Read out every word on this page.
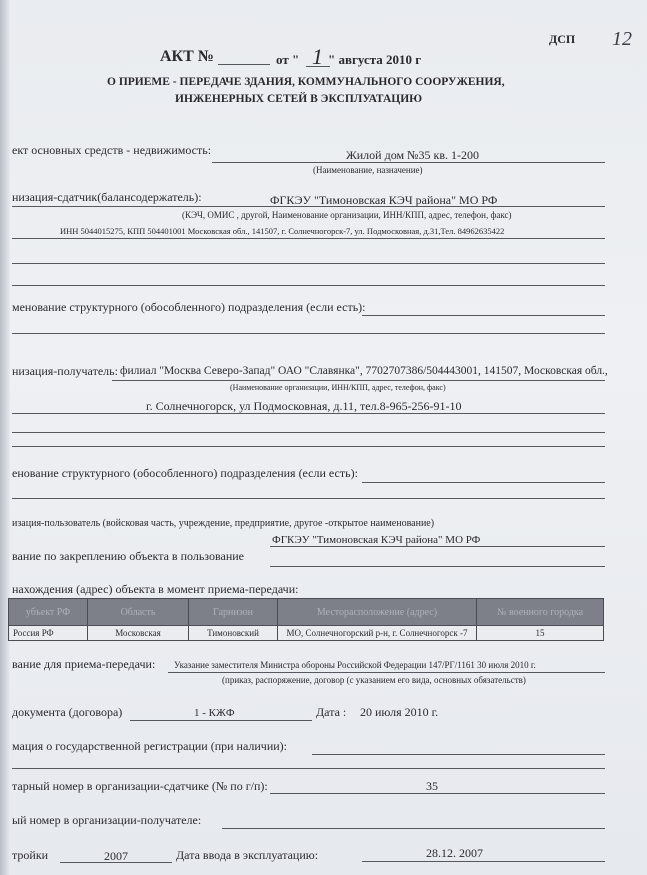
ДСП 12
АКТ №	от " 1 " августа 2010 г
О ПРИЕМЕ - ПЕРЕДАЧЕ ЗДАНИЯ, КОММУНАЛЬНОГО СООРУЖЕНИЯ,
ИНЖЕНЕРНЫХ СЕТЕЙ В ЭКСПЛУАТАЦИЮ
ект основных средств - недвижимость:	Жилой дом №35 кв. 1-200
(Наименование, назначение)
низация-сдатчик(балансодержатель):	ФГКЭУ "Тимоновская КЭЧ района" МО РФ
(КЭЧ, ОМИС , другой, Наименование организации, ИНН/КПП, адрес, телефон, факс)
ИНН 5044015275, КПП 504401001 Московская обл., 141507, г. Солнечногорск-7, ул. Подмосковная, д.31,Тел. 84962635422
менование структурного (обособленного) подразделения (если есть):
низация-получатель: филиал "Москва Северо-Запад" ОАО "Славянка", 7702707386/504443001, 141507, Московская обл.,
(Наименование организации, ИНН/КПП, адрес, телефон, факс)
г. Солнечногорск, ул Подмосковная, д.11, тел.8-965-256-91-10
енование структурного (обособленного) подразделения (если есть):
изация-пользователь (войсковая часть, учреждение, предприятие, другое -открытое наименование)
ФГКЭУ "Тимоновская КЭЧ района" МО РФ
вание по закреплению объекта в пользование
нахождения (адрес) объекта в момент приема-передачи:
убъект РФ	Область	Гарнизон	Месторасположение (адрес)	№ военного городка
Россия РФ	Московская	Тимоновский	МО, Солнечногорский р-н, г. Солнечногорск -7	15
вание для приема-передачи: Указание заместителя Министра обороны Российской Федерации 147/РГ/1161 30 июля 2010 г.
(приказ, распоряжение, договор (с указанием его вида, основных обязательств)
документа (договора)	1 - КЖФ	Дата : 20 июля 2010 г.
мация о государственной регистрации (при наличии):
тарный номер в организации-сдатчике (№ по г/п):	35
ый номер в организации-получателе:
тройки	2007	Дата ввода в эксплуатацию:	28.12. 2007
